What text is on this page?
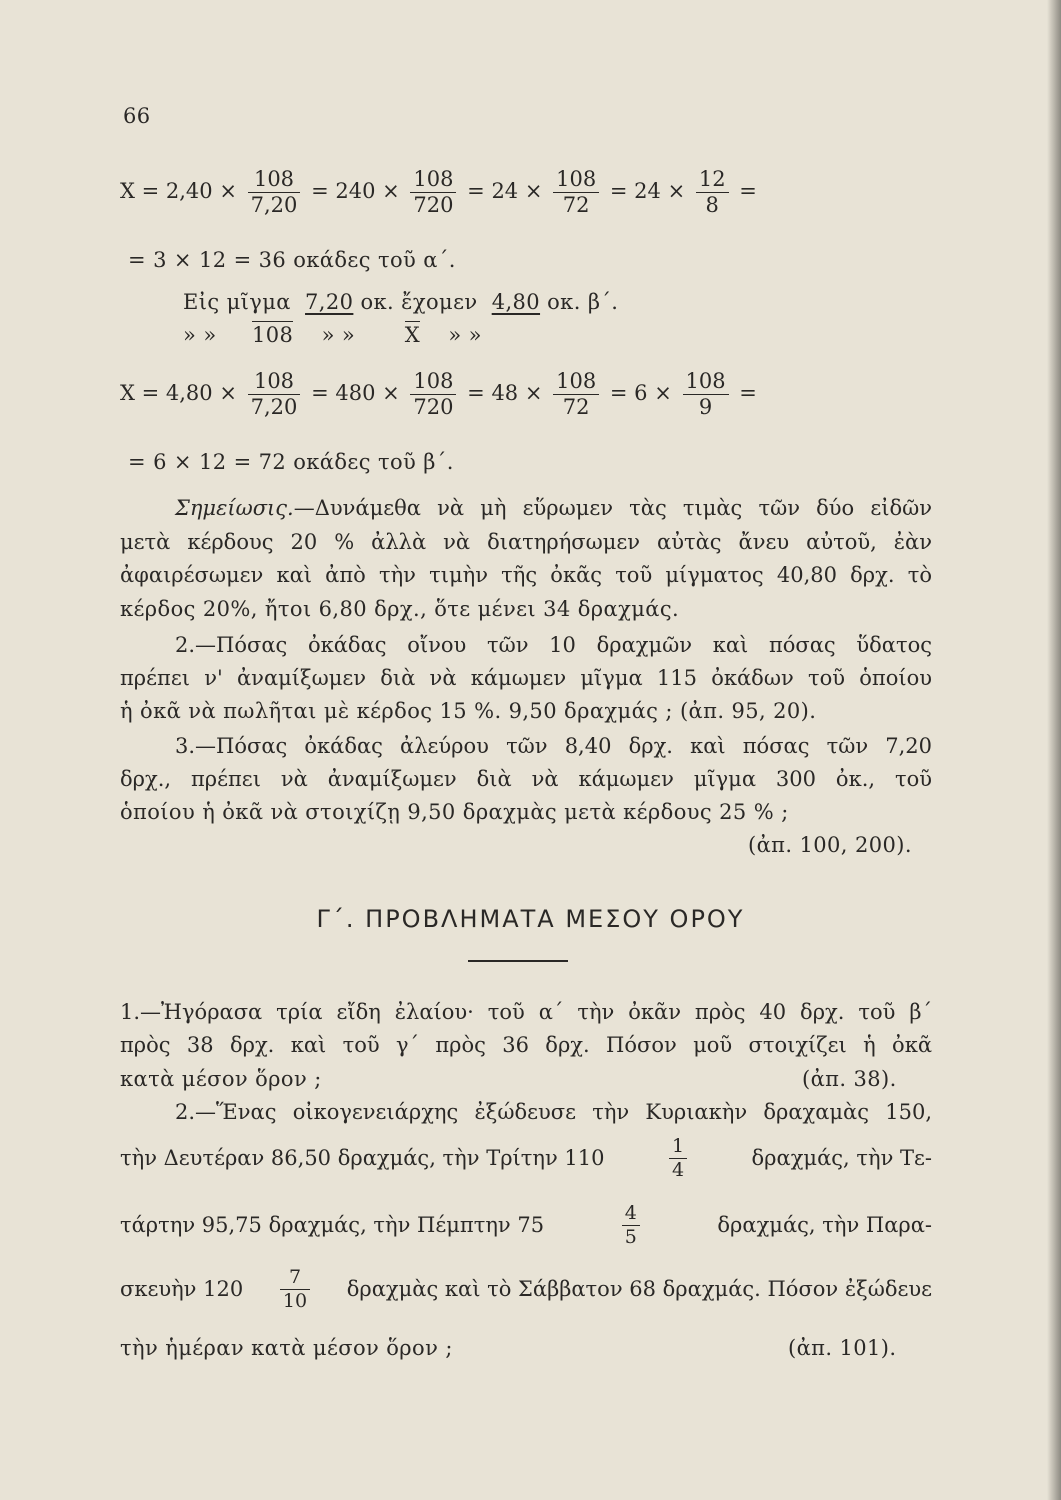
66
$X = 2,40 \times \frac{108}{7,20} = 240 \times \frac{108}{720} = 24 \times \frac{108}{72} = 24 \times \frac{12}{8}$ =
= 3 × 12 = 36 οκάδες τοῦ α΄.
Εἰς μῖγμα 7,20 οκ. ἔχομεν 4,80 οκ. β΄.
» » 108 » » Χ » »
$X = 4,80 \times \frac{108}{7,20} = 480 \times \frac{108}{720} = 48 \times \frac{108}{72} = 6 \times \frac{108}{9}$ =
= 6 × 12 = 72 οκάδες τοῦ β΄.
Σημείωσις.—Δυνάμεθα νὰ μὴ εὕρωμεν τὰς τιμὰς τῶν δύο εἰδῶν
μετὰ κέρδους 20 % ἀλλὰ νὰ διατηρήσωμεν αὐτὰς ἄνευ αὐτοῦ, ἐὰν
ἀφαιρέσωμεν καὶ ἀπὸ τὴν τιμὴν τῆς ὀκᾶς τοῦ μίγματος 40,80 δρχ. τὸ
κέρδος 20%, ἤτοι 6,80 δρχ., ὅτε μένει 34 δραχμάς.
2.—Πόσας ὀκάδας οἴνου τῶν 10 δραχμῶν καὶ πόσας ὕδατος
πρέπει ν' ἀναμίξωμεν διὰ νὰ κάμωμεν μῖγμα 115 ὀκάδων τοῦ ὁποίου
ἡ ὀκᾶ νὰ πωλῆται μὲ κέρδος 15 %. 9,50 δραχμάς ; (ἀπ. 95, 20).
3.—Πόσας ὀκάδας ἀλεύρου τῶν 8,40 δρχ. καὶ πόσας τῶν 7,20
δρχ., πρέπει νὰ ἀναμίξωμεν διὰ νὰ κάμωμεν μῖγμα 300 ὀκ., τοῦ
ὁποίου ἡ ὀκᾶ νὰ στοιχίζῃ 9,50 δραχμὰς μετὰ κέρδους 25 % ;
(ἀπ. 100, 200).
Γ΄. ΠΡΟΒΛΗΜΑΤΑ ΜΕΣΟΥ ΟΡΟΥ
1.—Ἠγόρασα τρία εἴδη ἐλαίου· τοῦ α΄ τὴν ὀκᾶν πρὸς 40 δρχ. τοῦ β΄
πρὸς 38 δρχ. καὶ τοῦ γ΄ πρὸς 36 δρχ. Πόσον μοῦ στοιχίζει ἡ ὀκᾶ
κατὰ μέσον ὅρον ;	(ἀπ. 38).
2.—Ἕνας οἰκογενειάρχης ἐξώδευσε τὴν Κυριακὴν δραχαμὰς 150,
τὴν Δευτέραν 86,50 δραχμάς, τὴν Τρίτην 110	$\frac{1}{4}$	δραχμάς, τὴν Τε-
τάρτην 95,75 δραχμάς, τὴν Πέμπτην 75	$\frac{4}{5}$	δραχμάς, τὴν Παρα-
σκευὴν $120 \frac{7}{10}$ δραχμὰς καὶ τὸ Σάββατον 68 δραχμάς. Πόσον ἐξώδευε
τὴν ἡμέραν κατὰ μέσον ὅρον ;	(ἀπ. 101).
